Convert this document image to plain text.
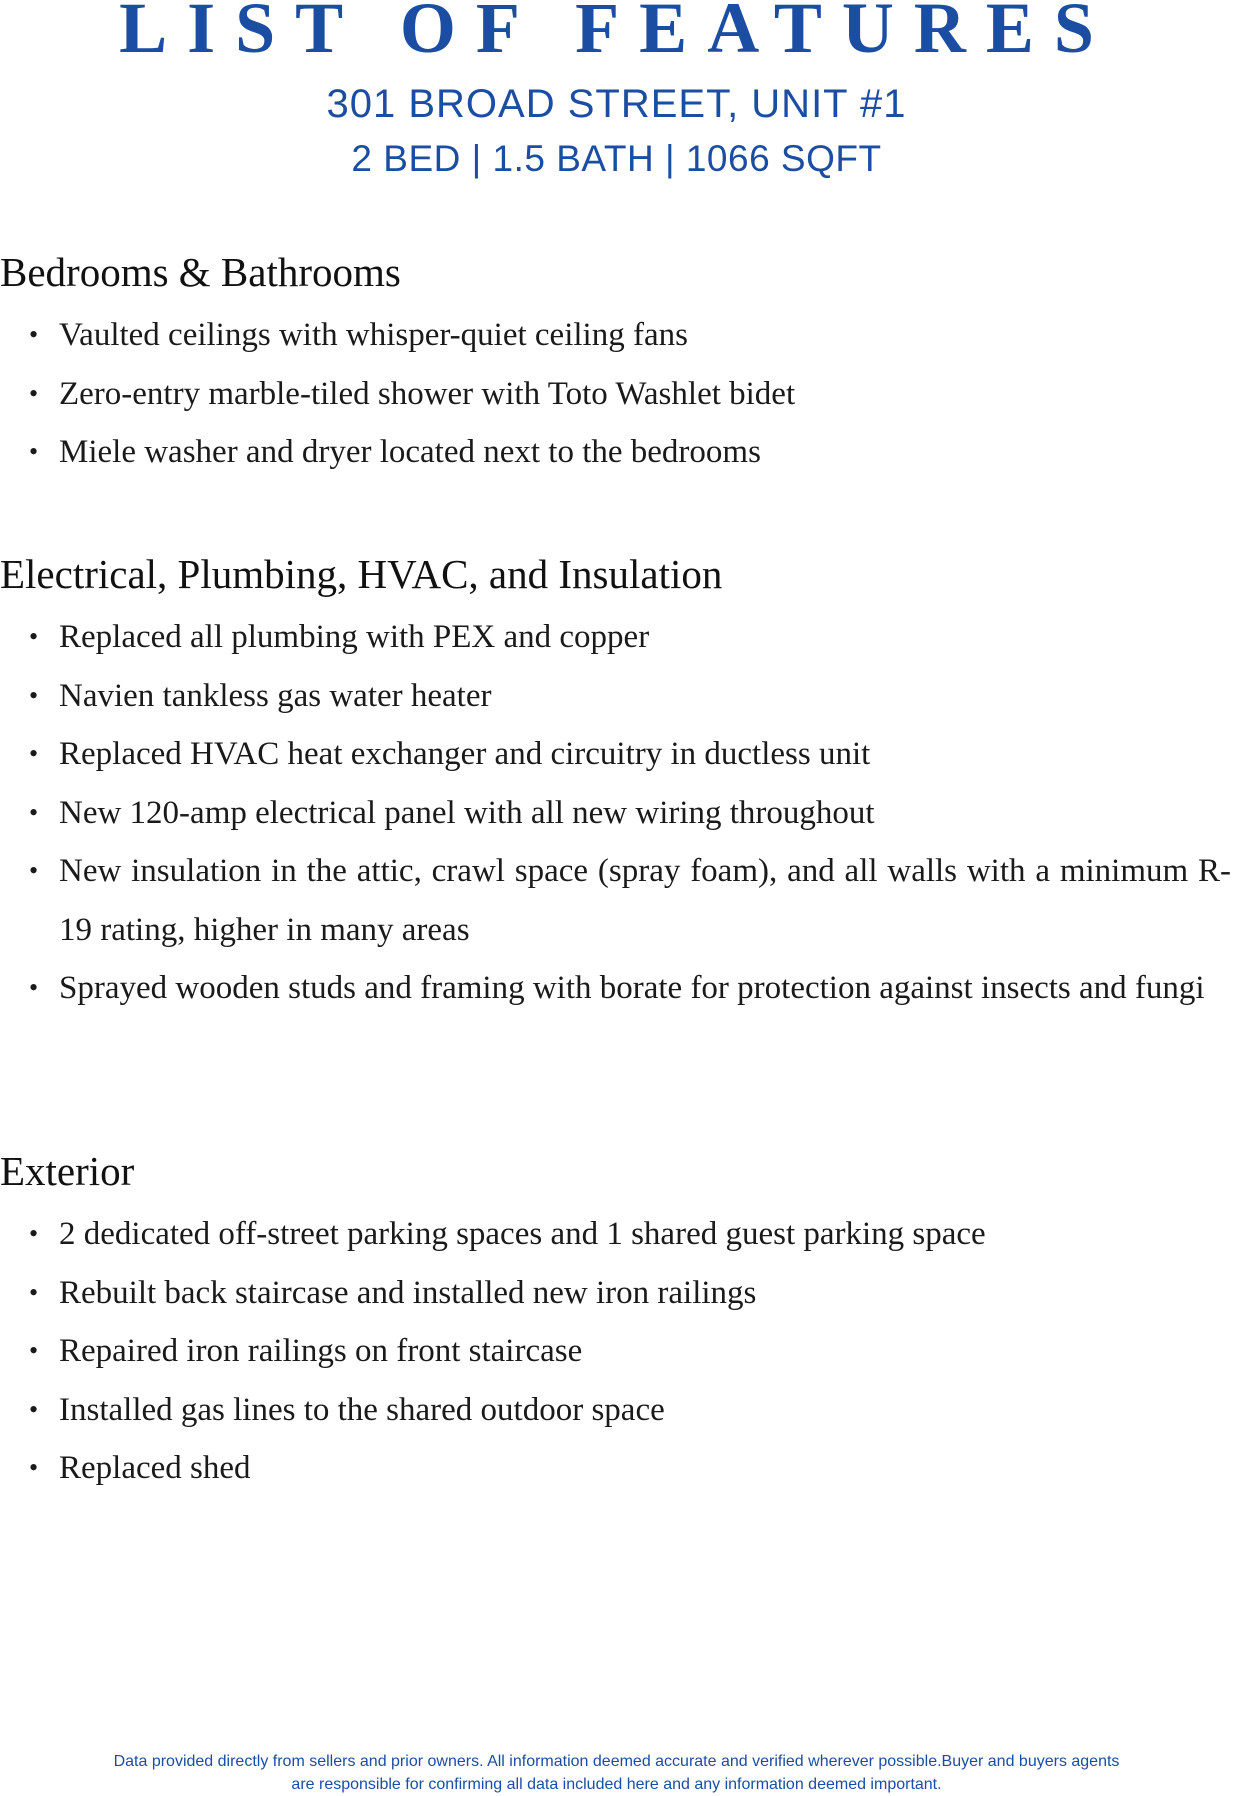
LIST OF FEATURES

301 BROAD STREET, UNIT #1

2 BED | 1.5 BATH | 1066 SQFT

Bedrooms & Bathrooms
• Vaulted ceilings with whisper-quiet ceiling fans
• Zero-entry marble-tiled shower with Toto Washlet bidet
• Miele washer and dryer located next to the bedrooms
Electrical, Plumbing, HVAC, and Insulation
• Replaced all plumbing with PEX and copper
• Navien tankless gas water heater
• Replaced HVAC heat exchanger and circuitry in ductless unit
• New 120-amp electrical panel with all new wiring throughout
• New insulation in the attic, crawl space (spray foam), and all walls with a minimum R-19 rating, higher in many areas
• Sprayed wooden studs and framing with borate for protection against insects and fungi
Exterior
• 2 dedicated off-street parking spaces and 1 shared guest parking space
• Rebuilt back staircase and installed new iron railings
• Repaired iron railings on front staircase
• Installed gas lines to the shared outdoor space
• Replaced shed

Data provided directly from sellers and prior owners. All information deemed accurate and verified wherever possible.Buyer and buyers agents are responsible for confirming all data included here and any information deemed important.
